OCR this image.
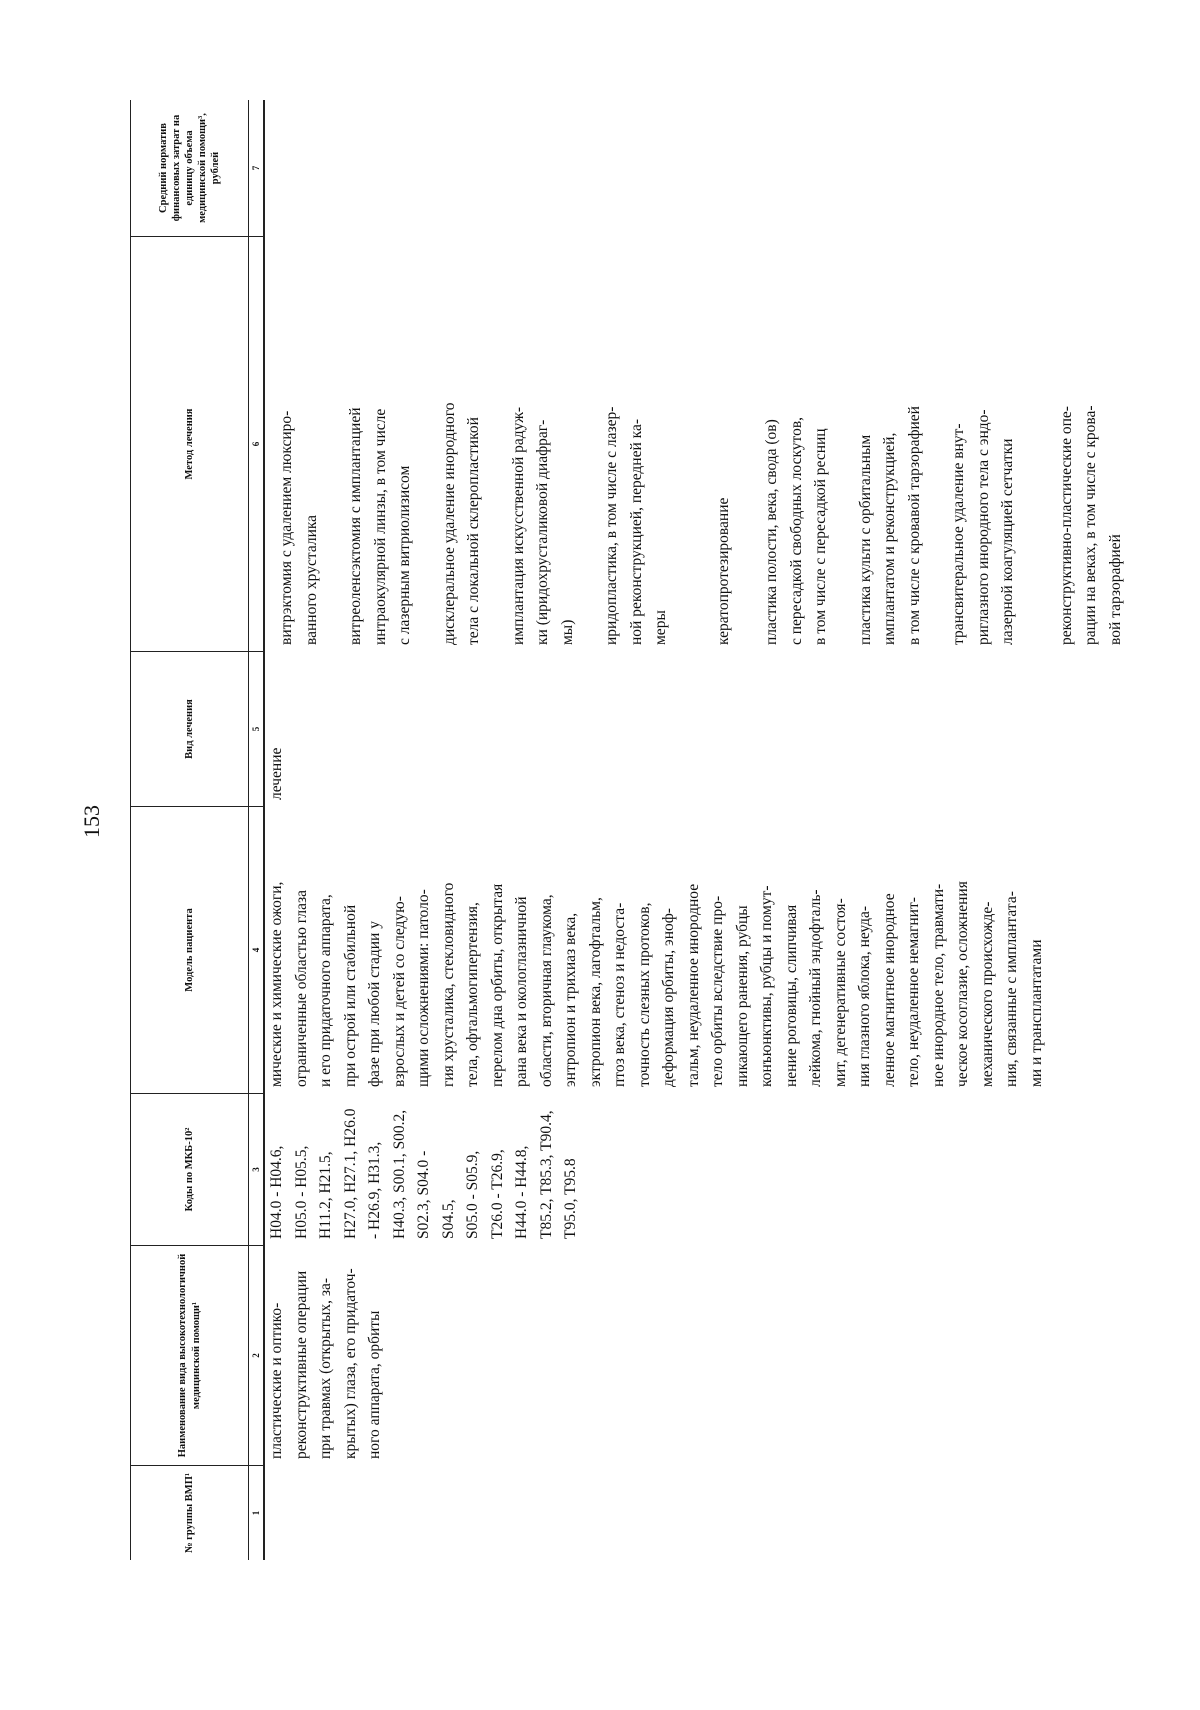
153
№ группы ВМП¹
Наименование вида высокотехнологичной медицинской помощи¹
Коды по МКБ-10²
Модель пациента
Вид лечения
Метод лечения
Средний норматив финансовых затрат на единицу объема медицинской помощи³, рублей
1
2
3
4
5
6
7
пластические и оптико- реконструктивные операции при травмах (открытых, за- крытых) глаза, его придаточ- ного аппарата, орбиты
H04.0 - H04.6, H05.0 - H05.5, H11.2, H21.5, H27.0, H27.1, H26.0 - H26.9, H31.3, H40.3, S00.1, S00.2, S02.3, S04.0 - S04.5, S05.0 - S05.9, T26.0 - T26.9, H44.0 - H44.8, T85.2, T85.3, T90.4, T95.0, T95.8
мические и химические ожоги, ограниченные областью глаза и его придаточного аппарата, при острой или стабильной фазе при любой стадии у взрослых и детей со следую- щими осложнениями: патоло- гия хрусталика, стекловидного тела, офтальмогипертензия, перелом дна орбиты, открытая рана века и окологлазничной области, вторичная глаукома, энтропион и трихиаз века, эктропион века, лагофтальм, птоз века, стеноз и недоста- точность слезных протоков, деформация орбиты, эноф- тальм, неудаленное инородное тело орбиты вследствие про- никающего ранения, рубцы конъюнктивы, рубцы и помут- нение роговицы, слипчивая лейкома, гнойный эндофталь- мит, дегенеративные состоя- ния глазного яблока, неуда- ленное магнитное инородное тело, неудаленное немагнит- ное инородное тело, травмати- ческое косоглазие, осложнения механического происхожде- ния, связанные с имплантата- ми и трансплантатами
лечение
витрэктомия с удалением люксиро- ванного хрусталика витреоленсэктомия с имплантацией интраокулярной линзы, в том числе с лазерным витриолизисом дисклеральное удаление инородного тела с локальной склеропластикой имплантация искусственной радуж- ки (иридохрусталиковой диафраг- мы) иридопластика, в том числе с лазер- ной реконструкцией, передней ка- меры	кератопротезирование пластика полости, века, свода (ов) с пересадкой свободных лоскутов, в том числе с пересадкой ресниц пластика культи с орбитальным имплантатом и реконструкцией, в том числе с кровавой тарзорафией трансвитеральное удаление внут- риглазного инородного тела с эндо- лазерной коагуляцией сетчатки	реконструктивно-пластические опе- рации на веках, в том числе с крова- вой тарзорафией
